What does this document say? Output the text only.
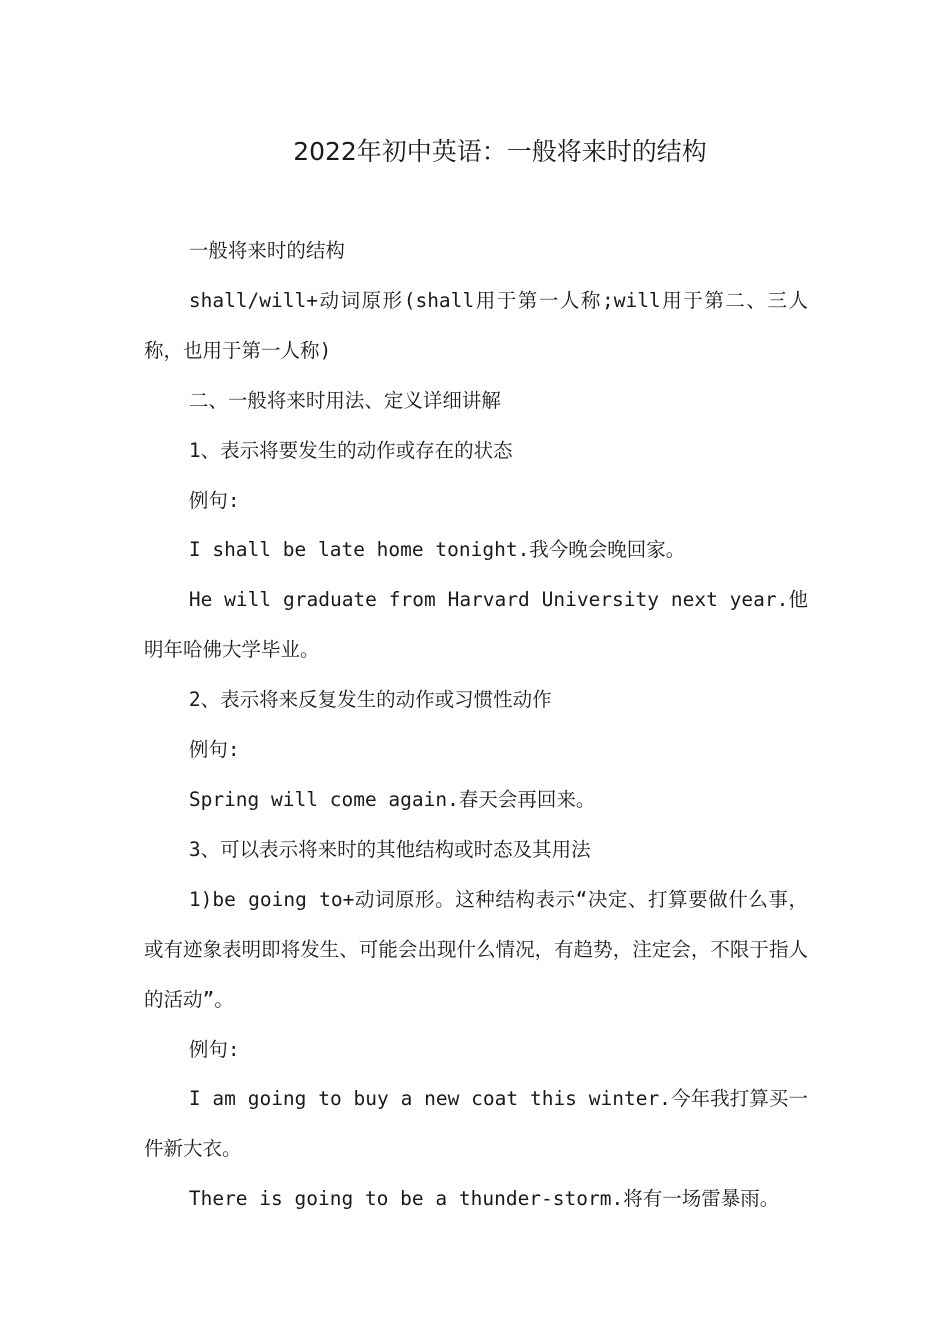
2022年初中英语：一般将来时的结构

一般将来时的结构

shall/will+动词原形(shall用于第一人称;will用于第二、三人称，也用于第一人称)

二、一般将来时用法、定义详细讲解

1、表示将要发生的动作或存在的状态

例句:

I shall be late home tonight.我今晚会晚回家。

He will graduate from Harvard University next year.他明年哈佛大学毕业。

2、表示将来反复发生的动作或习惯性动作

例句:

Spring will come again.春天会再回来。

3、可以表示将来时的其他结构或时态及其用法

1)be going to+动词原形。这种结构表示“决定、打算要做什么事，或有迹象表明即将发生、可能会出现什么情况，有趋势，注定会，不限于指人的活动”。

例句:

I am going to buy a new coat this winter.今年我打算买一件新大衣。

There is going to be a thunder-storm.将有一场雷暴雨。
